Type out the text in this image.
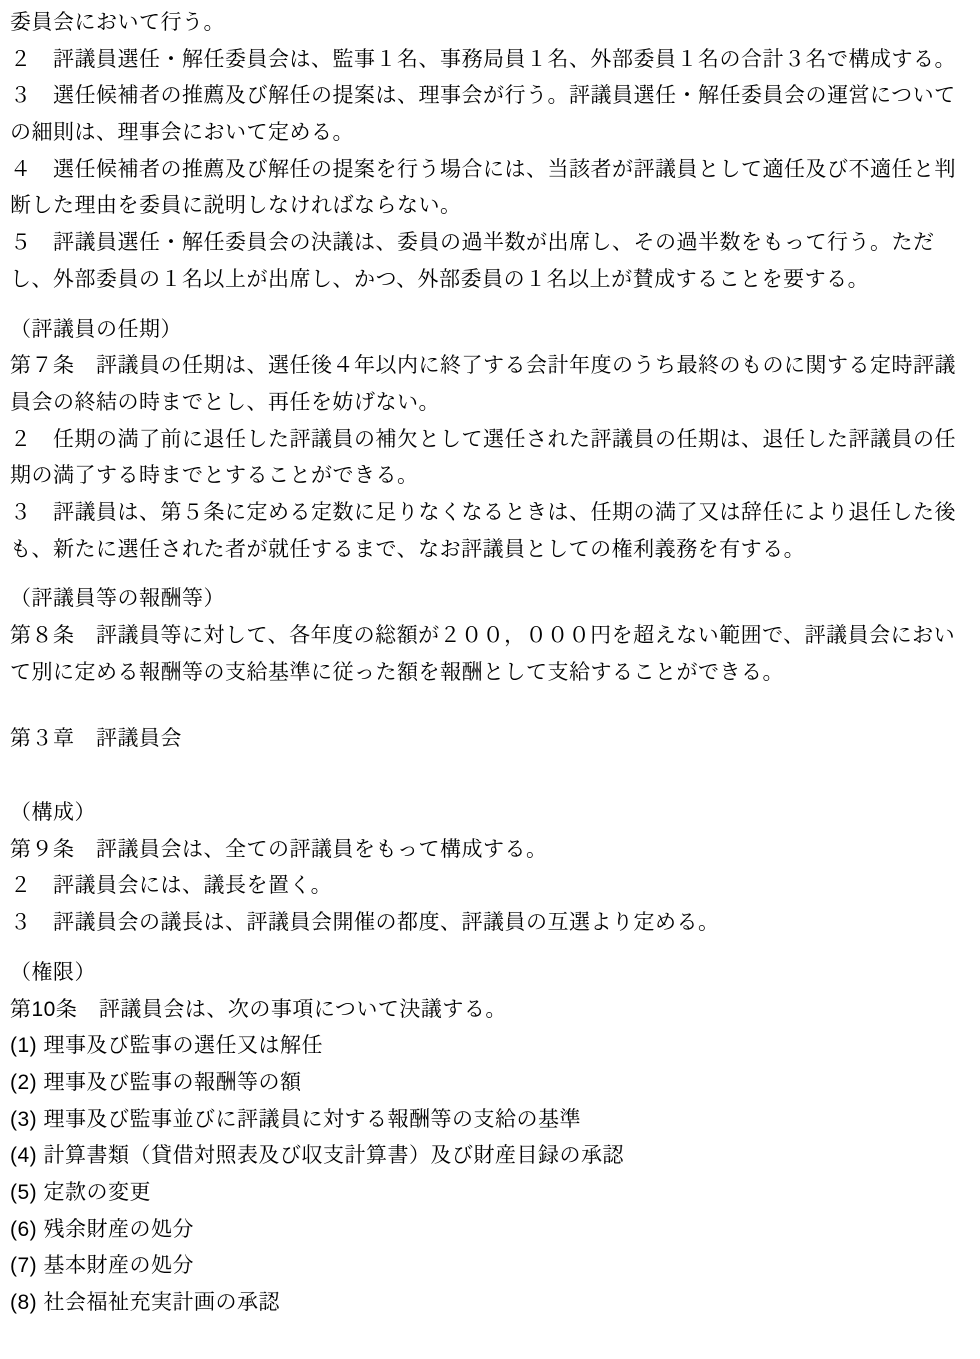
委員会において行う。
２　評議員選任・解任委員会は、監事１名、事務局員１名、外部委員１名の合計３名で構成する。
３　選任候補者の推薦及び解任の提案は、理事会が行う。評議員選任・解任委員会の運営について
の細則は、理事会において定める。
４　選任候補者の推薦及び解任の提案を行う場合には、当該者が評議員として適任及び不適任と判
断した理由を委員に説明しなければならない。
５　評議員選任・解任委員会の決議は、委員の過半数が出席し、その過半数をもって行う。ただ
し、外部委員の１名以上が出席し、かつ、外部委員の１名以上が賛成することを要する。
（評議員の任期）
第７条　評議員の任期は、選任後４年以内に終了する会計年度のうち最終のものに関する定時評議
員会の終結の時までとし、再任を妨げない。
２　任期の満了前に退任した評議員の補欠として選任された評議員の任期は、退任した評議員の任
期の満了する時までとすることができる。
３　評議員は、第５条に定める定数に足りなくなるときは、任期の満了又は辞任により退任した後
も、新たに選任された者が就任するまで、なお評議員としての権利義務を有する。
（評議員等の報酬等）
第８条　評議員等に対して、各年度の総額が２００，０００円を超えない範囲で、評議員会におい
て別に定める報酬等の支給基準に従った額を報酬として支給することができる。
第３章　評議員会
（構成）
第９条　評議員会は、全ての評議員をもって構成する。
２　評議員会には、議長を置く。
３　評議員会の議長は、評議員会開催の都度、評議員の互選より定める。
（権限）
第10条　評議員会は、次の事項について決議する。
(1) 理事及び監事の選任又は解任
(2) 理事及び監事の報酬等の額
(3) 理事及び監事並びに評議員に対する報酬等の支給の基準
(4) 計算書類（貸借対照表及び収支計算書）及び財産目録の承認
(5) 定款の変更
(6) 残余財産の処分
(7) 基本財産の処分
(8) 社会福祉充実計画の承認
